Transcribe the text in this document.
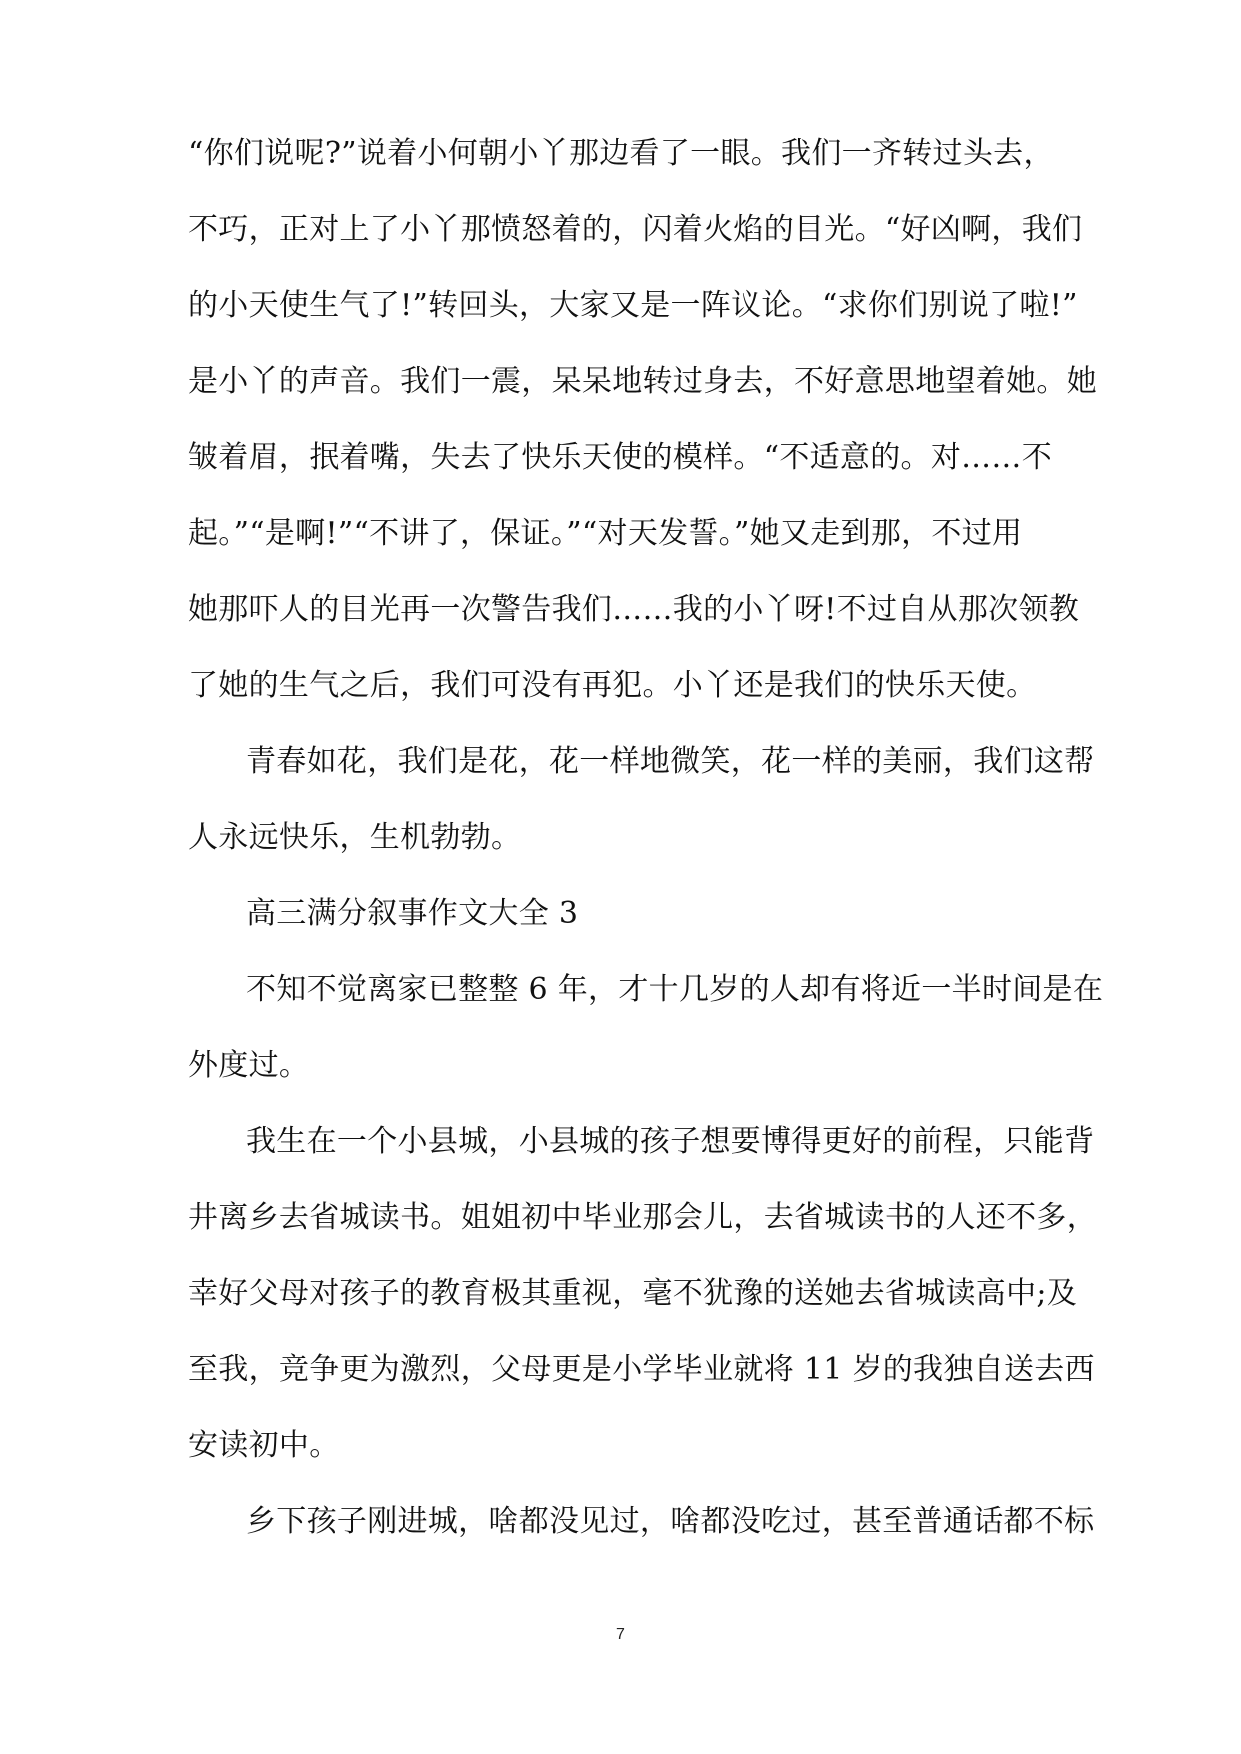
“你们说呢?”说着小何朝小丫那边看了一眼。我们一齐转过头去，
不巧，正对上了小丫那愤怒着的，闪着火焰的目光。“好凶啊，我们
的小天使生气了!”转回头，大家又是一阵议论。“求你们别说了啦!”
是小丫的声音。我们一震，呆呆地转过身去，不好意思地望着她。她
皱着眉，抿着嘴，失去了快乐天使的模样。“不适意的。对……不
起。”“是啊!”“不讲了，保证。”“对天发誓。”她又走到那，不过用
她那吓人的目光再一次警告我们……我的小丫呀!不过自从那次领教
了她的生气之后，我们可没有再犯。小丫还是我们的快乐天使。
青春如花，我们是花，花一样地微笑，花一样的美丽，我们这帮
人永远快乐，生机勃勃。
高三满分叙事作文大全 3
不知不觉离家已整整 6 年，才十几岁的人却有将近一半时间是在
外度过。
我生在一个小县城，小县城的孩子想要博得更好的前程，只能背
井离乡去省城读书。姐姐初中毕业那会儿，去省城读书的人还不多，
幸好父母对孩子的教育极其重视，毫不犹豫的送她去省城读高中;及
至我，竞争更为激烈，父母更是小学毕业就将 11 岁的我独自送去西
安读初中。
乡下孩子刚进城，啥都没见过，啥都没吃过，甚至普通话都不标
7
